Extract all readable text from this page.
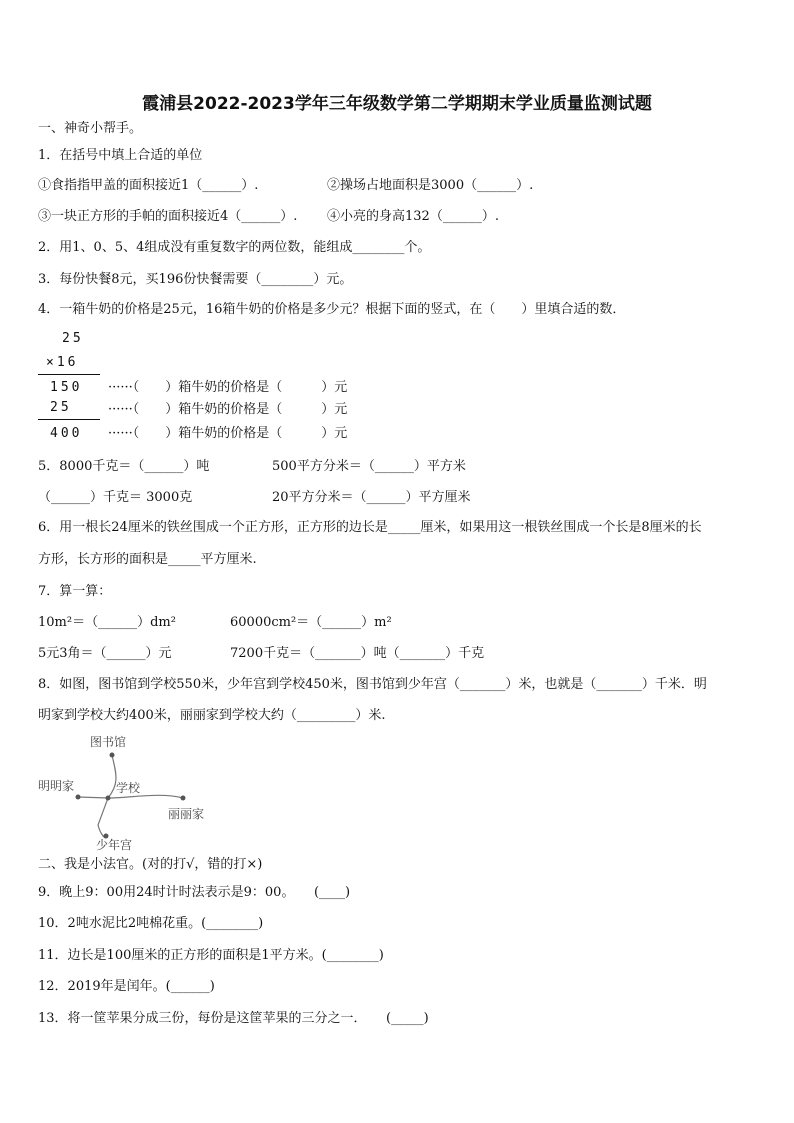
霞浦县2022-2023学年三年级数学第二学期期末学业质量监测试题
一、神奇小帮手。
1．在括号中填上合适的单位
①食指指甲盖的面积接近1（______）.	②操场占地面积是3000（______）.
③一块正方形的手帕的面积接近4（______）. ④小亮的身高132（______）.
2．用1、0、5、4组成没有重复数字的两位数，能组成________个。
3．每份快餐8元，买196份快餐需要（________）元。
4．一箱牛奶的价格是25元，16箱牛奶的价格是多少元？根据下面的竖式，在（　　）里填合适的数．
25
×16
150 ······（　　）箱牛奶的价格是（　　　）元
25	······（　　）箱牛奶的价格是（　　　）元
400 ······（　　）箱牛奶的价格是（　　　）元
5．8000千克＝（______）吨	500平方分米＝（______）平方米
（______）千克＝ 3000克	20平方分米＝（______）平方厘米
6．用一根长24厘米的铁丝围成一个正方形，正方形的边长是_____厘米，如果用这一根铁丝围成一个长是8厘米的长
方形，长方形的面积是_____平方厘米.
7．算一算：
10m²＝（______）dm²	60000cm²＝（______）m²
5元3角＝（______）元	7200千克＝（_______）吨（_______）千克
8．如图，图书馆到学校550米，少年宫到学校450米，图书馆到少年宫（_______）米，也就是（_______）千米．明
明家到学校大约400米，丽丽家到学校大约（_________）米.
图书馆
明明家	学校
丽丽家
少年宫
二、我是小法官。(对的打√，错的打×)
9．晚上9：00用24时计时法表示是9：00。　　(____)
10．2吨水泥比2吨棉花重。(________)
11．边长是100厘米的正方形的面积是1平方米。(________)
12．2019年是闰年。(______)
13．将一筐苹果分成三份，每份是这筐苹果的三分之一．　　(_____)
